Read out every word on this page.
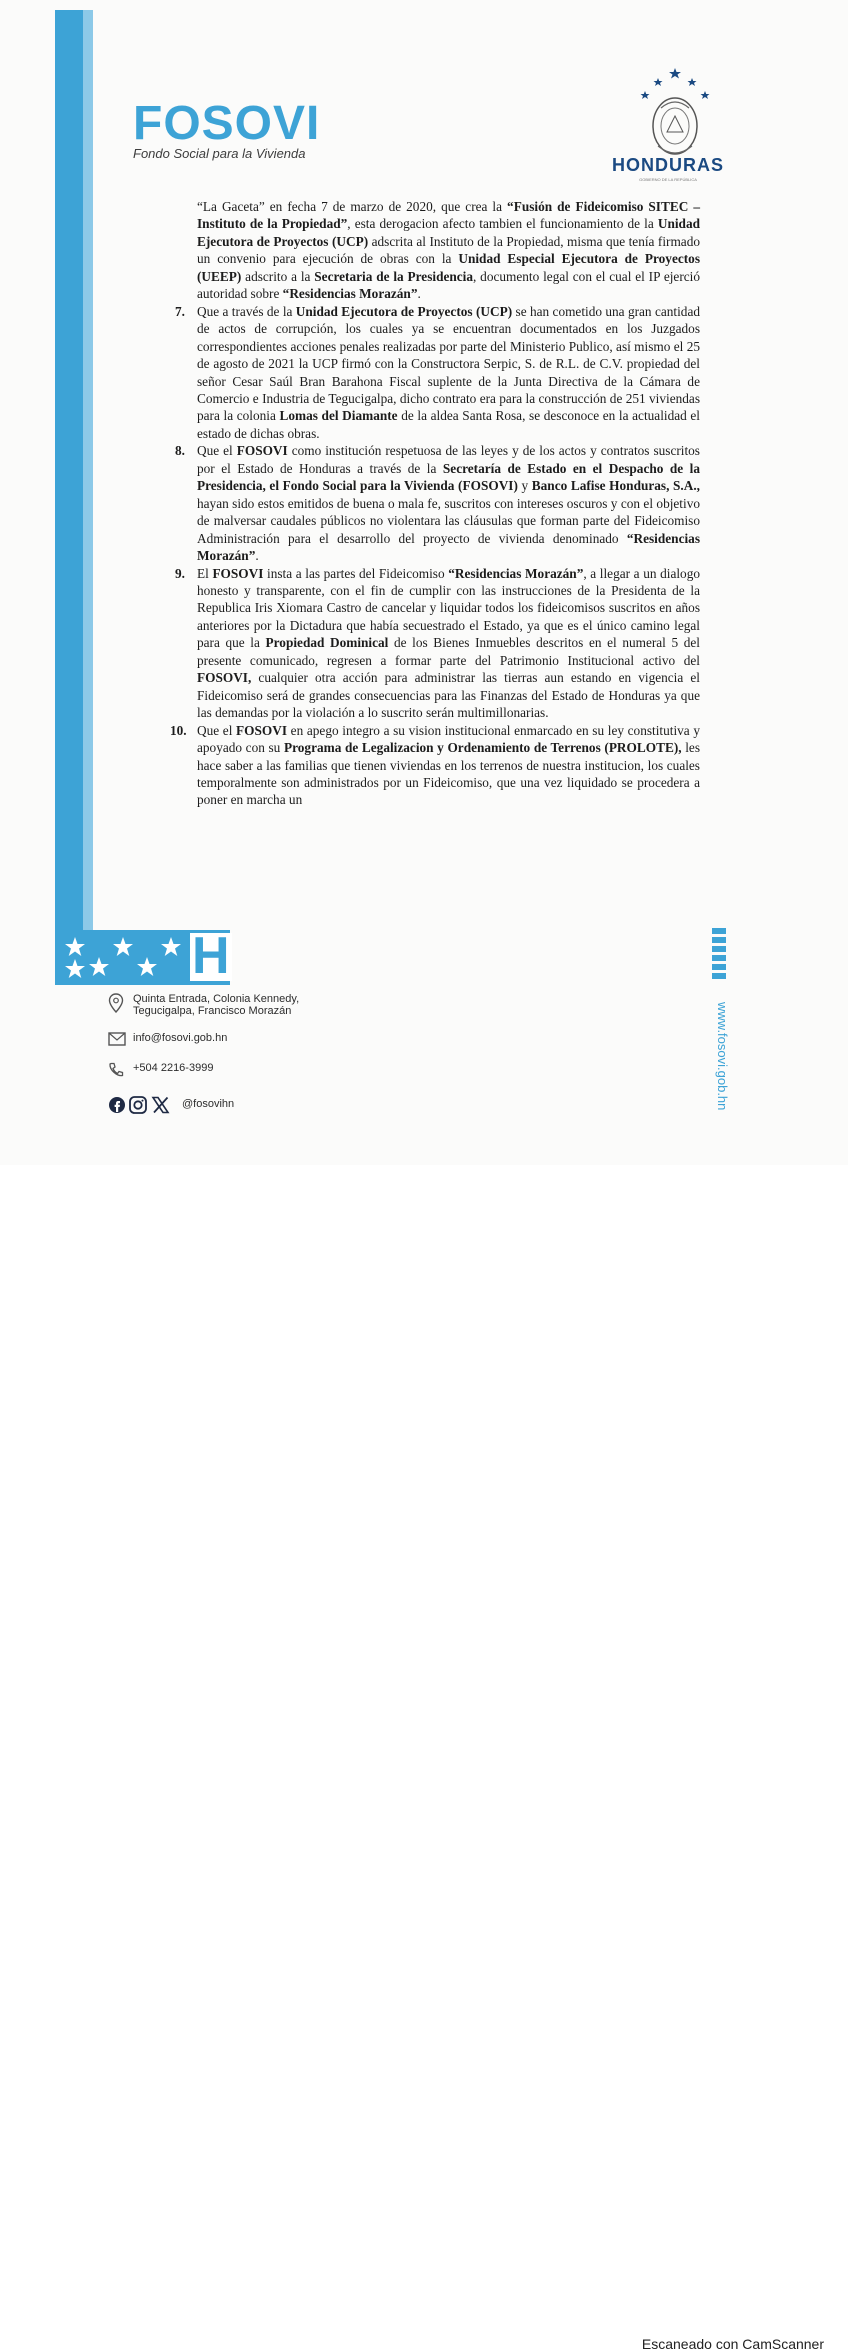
H
FOSOVI
Fondo Social para la Vivienda
HONDURAS
GOBIERNO DE LA REPÚBLICA

“La Gaceta” en fecha 7 de marzo de 2020, que crea la “Fusión de Fideicomiso SITEC – Instituto de la Propiedad”, esta derogacion afecto tambien el funcionamiento de la Unidad Ejecutora de Proyectos (UCP) adscrita al Instituto de la Propiedad, misma que tenía firmado un convenio para ejecución de obras con la Unidad Especial Ejecutora de Proyectos (UEEP) adscrito a la Secretaria de la Presidencia, documento legal con el cual el IP ejerció autoridad sobre “Residencias Morazán”.

7. Que a través de la Unidad Ejecutora de Proyectos (UCP) se han cometido una gran cantidad de actos de corrupción, los cuales ya se encuentran documentados en los Juzgados correspondientes acciones penales realizadas por parte del Ministerio Publico, así mismo el 25 de agosto de 2021 la UCP firmó con la Constructora Serpic, S. de R.L. de C.V. propiedad del señor Cesar Saúl Bran Barahona Fiscal suplente de la Junta Directiva de la Cámara de Comercio e Industria de Tegucigalpa, dicho contrato era para la construcción de 251 viviendas para la colonia Lomas del Diamante de la aldea Santa Rosa, se desconoce en la actualidad el estado de dichas obras.

8. Que el FOSOVI como institución respetuosa de las leyes y de los actos y contratos suscritos por el Estado de Honduras a través de la Secretaría de Estado en el Despacho de la Presidencia, el Fondo Social para la Vivienda (FOSOVI) y Banco Lafise Honduras, S.A., hayan sido estos emitidos de buena o mala fe, suscritos con intereses oscuros y con el objetivo de malversar caudales públicos no violentara las cláusulas que forman parte del Fideicomiso Administración para el desarrollo del proyecto de vivienda denominado “Residencias Morazán”.

9. El FOSOVI insta a las partes del Fideicomiso “Residencias Morazán”, a llegar a un dialogo honesto y transparente, con el fin de cumplir con las instrucciones de la Presidenta de la Republica Iris Xiomara Castro de cancelar y liquidar todos los fideicomisos suscritos en años anteriores por la Dictadura que había secuestrado el Estado, ya que es el único camino legal para que la Propiedad Dominical de los Bienes Inmuebles descritos en el numeral 5 del presente comunicado, regresen a formar parte del Patrimonio Institucional activo del FOSOVI, cualquier otra acción para administrar las tierras aun estando en vigencia el Fideicomiso será de grandes consecuencias para las Finanzas del Estado de Honduras ya que las demandas por la violación a lo suscrito serán multimillonarias.

10. Que el FOSOVI en apego integro a su vision institucional enmarcado en su ley constitutiva y apoyado con su Programa de Legalizacion y Ordenamiento de Terrenos (PROLOTE), les hace saber a las familias que tienen viviendas en los terrenos de nuestra institucion, los cuales temporalmente son administrados por un Fideicomiso, que una vez liquidado se procedera a poner en marcha un

Quinta Entrada, Colonia Kennedy,
Tegucigalpa, Francisco Morazán
info@fosovi.gob.hn
+504 2216-3999
@fosovihn	www.fosovi.gob.hn
Escaneado con CamScanner
